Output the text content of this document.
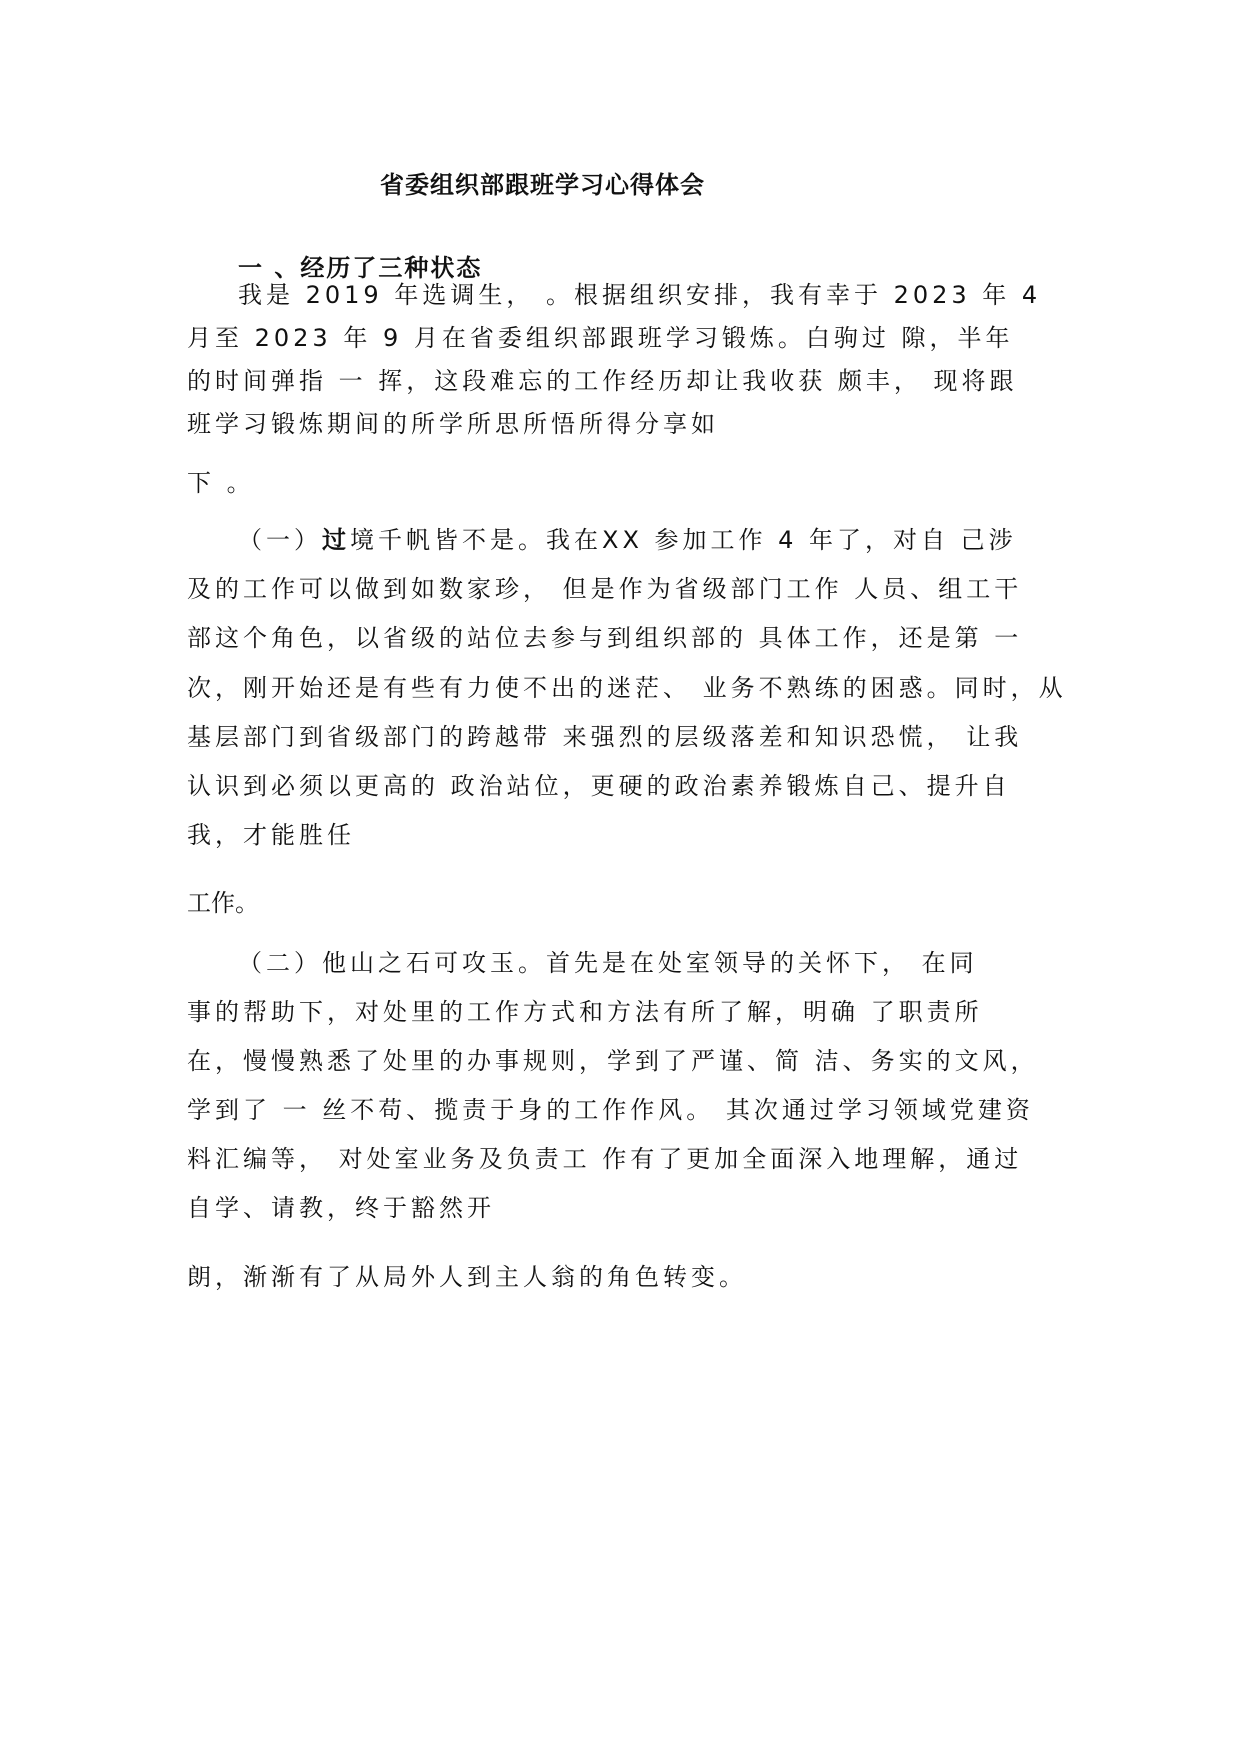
省委组织部跟班学习心得体会
一 、经历了三种状态
我是 2019 年选调生， 。根据组织安排，我有幸于 2023 年 4
月至 2023 年 9 月在省委组织部跟班学习锻炼。白驹过 隙，半年
的时间弹指 一 挥，这段难忘的工作经历却让我收获 颇丰， 现将跟
班学习锻炼期间的所学所思所悟所得分享如
下 。
（一）过境千帆皆不是。我在XX 参加工作 4 年了，对自 己涉
及的工作可以做到如数家珍， 但是作为省级部门工作 人员、组工干
部这个角色，以省级的站位去参与到组织部的 具体工作，还是第 一
次，刚开始还是有些有力使不出的迷茫、 业务不熟练的困惑。同时，从
基层部门到省级部门的跨越带 来强烈的层级落差和知识恐慌， 让我
认识到必须以更高的 政治站位，更硬的政治素养锻炼自己、提升自
我，才能胜任
工作。
（二）他山之石可攻玉。首先是在处室领导的关怀下， 在同
事的帮助下，对处里的工作方式和方法有所了解，明确 了职责所
在，慢慢熟悉了处里的办事规则，学到了严谨、简 洁、务实的文风，
学到了 一 丝不苟、揽责于身的工作作风。 其次通过学习领域党建资
料汇编等， 对处室业务及负责工 作有了更加全面深入地理解，通过
自学、请教，终于豁然开
朗，渐渐有了从局外人到主人翁的角色转变。
